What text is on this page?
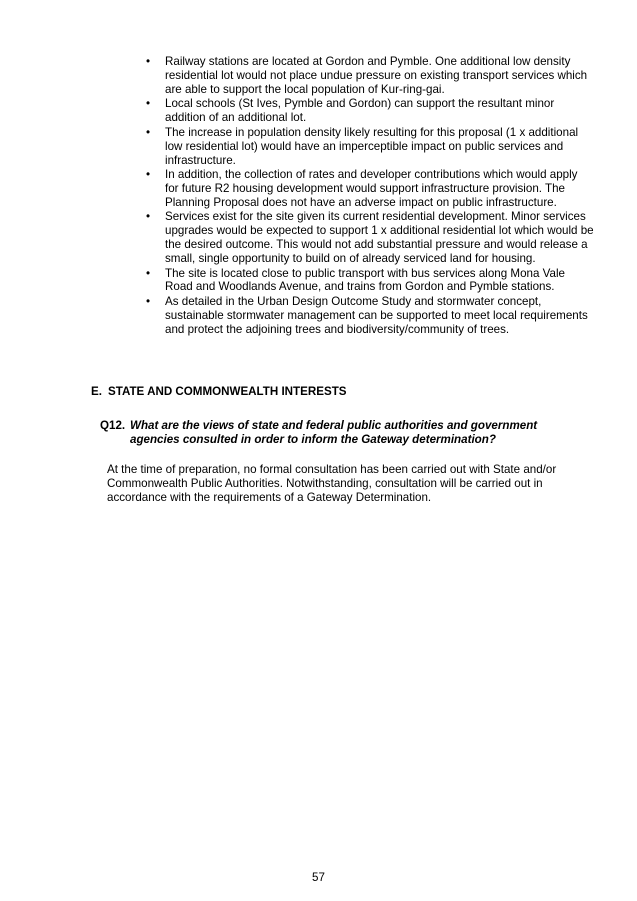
• Railway stations are located at Gordon and Pymble. One additional low density residential lot would not place undue pressure on existing transport services which are able to support the local population of Kur-ring-gai.
• Local schools (St Ives, Pymble and Gordon) can support the resultant minor addition of an additional lot.
• The increase in population density likely resulting for this proposal (1 x additional low residential lot) would have an imperceptible impact on public services and infrastructure.
• In addition, the collection of rates and developer contributions which would apply for future R2 housing development would support infrastructure provision. The Planning Proposal does not have an adverse impact on public infrastructure.
• Services exist for the site given its current residential development. Minor services upgrades would be expected to support 1 x additional residential lot which would be the desired outcome. This would not add substantial pressure and would release a small, single opportunity to build on of already serviced land for housing.
• The site is located close to public transport with bus services along Mona Vale Road and Woodlands Avenue, and trains from Gordon and Pymble stations.
• As detailed in the Urban Design Outcome Study and stormwater concept, sustainable stormwater management can be supported to meet local requirements and protect the adjoining trees and biodiversity/community of trees.
E. STATE AND COMMONWEALTH INTERESTS
Q12. What are the views of state and federal public authorities and government agencies consulted in order to inform the Gateway determination?
At the time of preparation, no formal consultation has been carried out with State and/or Commonwealth Public Authorities. Notwithstanding, consultation will be carried out in accordance with the requirements of a Gateway Determination.
57
